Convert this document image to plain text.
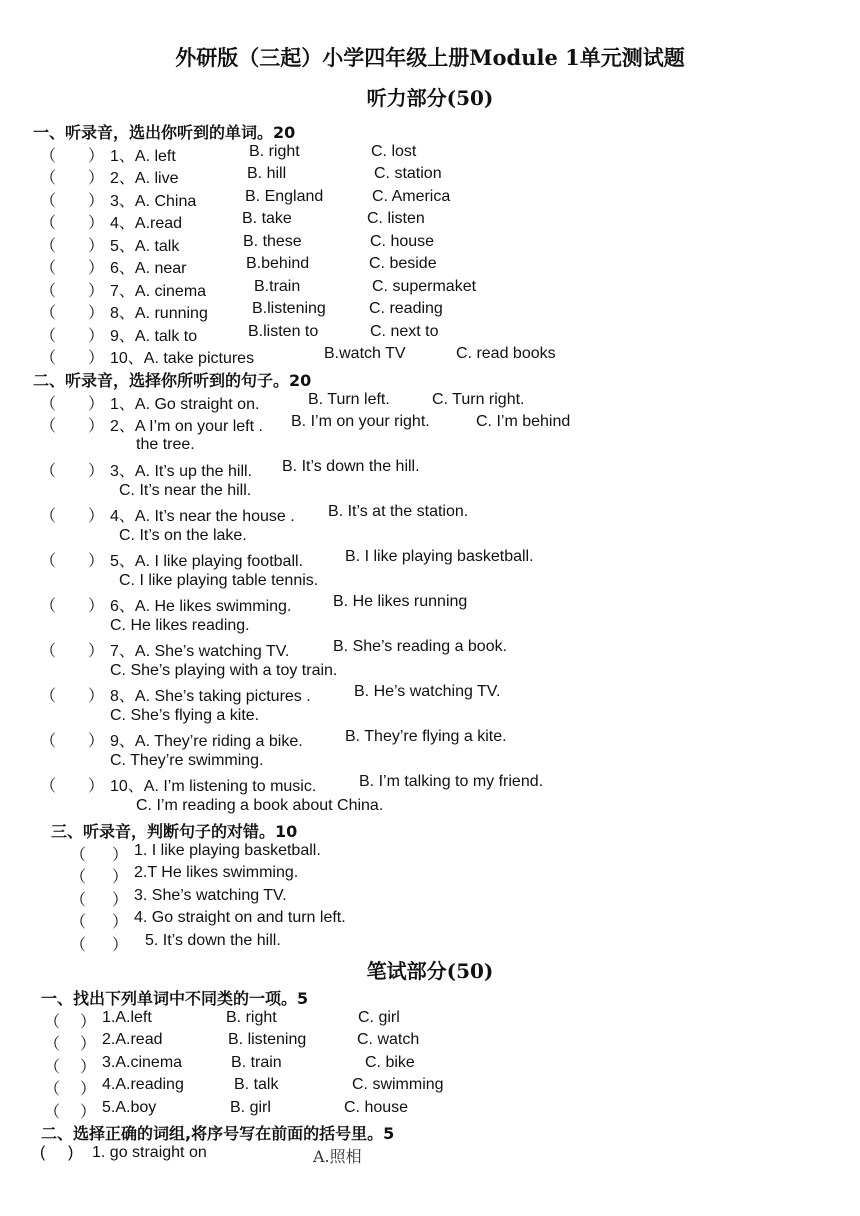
外研版（三起）小学四年级上册Module 1单元测试题
听力部分(50)
一、听录音，选出你听到的单词。20
（ ） 1、A. left	B. right	C. lost
（ ） 2、A. live	B. hill	C. station
（ ） 3、A. China	B. England	C. America
（ ） 4、A.read	B. take	C. listen
（ ） 5、A. talk	B. these	C. house
（ ） 6、A. near	B.behind	C. beside
（ ） 7、A. cinema	B.train	C. supermaket
（ ） 8、A. running	B.listening	C. reading
（ ） 9、A. talk to	B.listen to	C. next to
（ ） 10、A. take pictures	B.watch TV	C. read books
二、听录音，选择你所听到的句子。20
（ ） 1、A. Go straight on.	B. Turn left.	C. Turn right.
（ ） 2、A I’m on your left . B. I’m on your right.	C. I’m behind
the tree.
（ ） 3、A. It’s up the hill. B. It’s down the hill.
C. It’s near the hill.
（ ） 4、A. It’s near the house . B. It’s at the station.
C. It’s on the lake.
（ ） 5、A. I like playing football.	B. I like playing basketball.
C. I like playing table tennis.
（ ） 6、A. He likes swimming.	B. He likes running
C. He likes reading.
（ ） 7、A. She’s watching TV.	B. She’s reading a book.
C. She’s playing with a toy train.
（ ） 8、A. She’s taking pictures .	B. He’s watching TV.
C. She’s flying a kite.
（ ） 9、A. They’re riding a bike.	B. They’re flying a kite.
C. They’re swimming.
（ ） 10、A. I’m listening to music.	B. I’m talking to my friend.
C. I’m reading a book about China.
三、听录音，判断句子的对错。10
（ ） 1. I like playing basketball.
（ ） 2.T He likes swimming.
（ ） 3. She’s watching TV.
（ ） 4. Go straight on and turn left.
（ ） 5. It’s down the hill.
笔试部分(50)
一、找出下列单词中不同类的一项。5
（ ） 1.A.left	B. right	C. girl
（ ） 2.A.read	B. listening	C. watch
（ ） 3.A.cinema	B. train	C. bike
（ ） 4.A.reading	B. talk	C. swimming
（ ） 5.A.boy	B. girl	C. house
二、选择正确的词组,将序号写在前面的括号里。5
( ) 1. go straight on	A.照相
